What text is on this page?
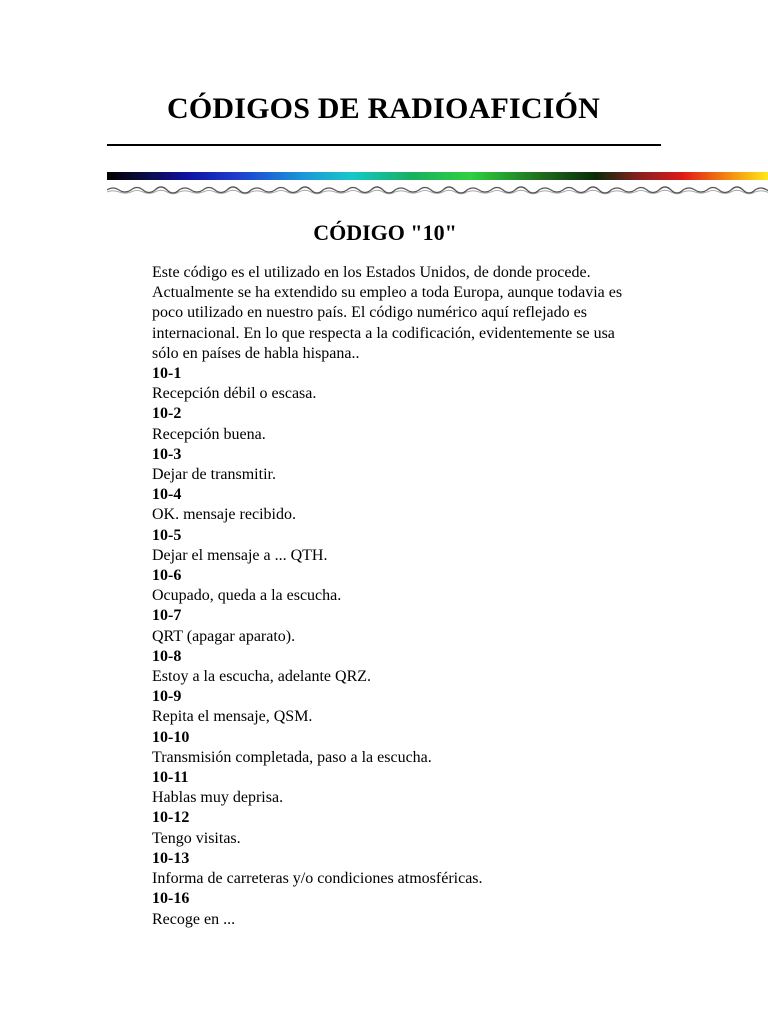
CÓDIGOS DE RADIOAFICIÓN
CÓDIGO "10"

Este código es el utilizado en los Estados Unidos, de donde procede.

Actualmente se ha extendido su empleo a toda Europa, aunque todavia es

poco utilizado en nuestro país. El código numérico aquí reflejado es

internacional. En lo que respecta a la codificación, evidentemente se usa

sólo en países de habla hispana..

10-1
Recepción débil o escasa.
10-2
Recepción buena.
10-3
Dejar de transmitir.
10-4
OK. mensaje recibido.
10-5
Dejar el mensaje a ... QTH.
10-6
Ocupado, queda a la escucha.
10-7
QRT (apagar aparato).
10-8
Estoy a la escucha, adelante QRZ.
10-9
Repita el mensaje, QSM.
10-10
Transmisión completada, paso a la escucha.
10-11
Hablas muy deprisa.
10-12
Tengo visitas.
10-13
Informa de carreteras y/o condiciones atmosféricas.
10-16
Recoge en ...
